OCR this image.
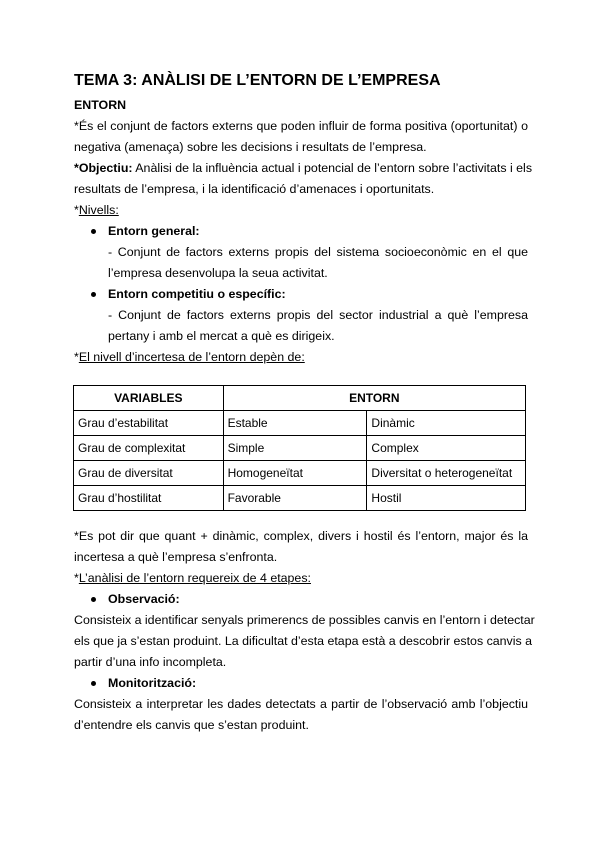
TEMA 3: ANÀLISI DE L’ENTORN DE L’EMPRESA
ENTORN
*És el conjunt de factors externs que poden influir de forma positiva (oportunitat) o
negativa (amenaça) sobre les decisions i resultats de l’empresa.
*Objectiu: Anàlisi de la influència actual i potencial de l’entorn sobre l’activitats i els
resultats de l’empresa, i la identificació d’amenaces i oportunitats.
*Nivells:
Entorn general:
- Conjunt de factors externs propis del sistema socioeconòmic en el que
l’empresa desenvolupa la seua activitat.
Entorn competitiu o específic:
- Conjunt de factors externs propis del sector industrial a què l’empresa
pertany i amb el mercat a què es dirigeix.
*El nivell d’incertesa de l’entorn depèn de:
VARIABLES	ENTORN	
Grau d’estabilitat	Estable	Dinàmic
Grau de complexitat	Simple	Complex
Grau de diversitat	Homogeneïtat	Diversitat o heterogeneïtat
Grau d’hostilitat	Favorable	Hostil
*Es pot dir que quant + dinàmic, complex, divers i hostil és l’entorn, major és la
incertesa a què l’empresa s’enfronta.
*L’anàlisi de l’entorn requereix de 4 etapes:
Observació:
Consisteix a identificar senyals primerencs de possibles canvis en l’entorn i detectar
els que ja s’estan produint. La dificultat d’esta etapa està a descobrir estos canvis a
partir d’una info incompleta.
Monitorització:
Consisteix a interpretar les dades detectats a partir de l’observació amb l’objectiu
d’entendre els canvis que s’estan produint.
